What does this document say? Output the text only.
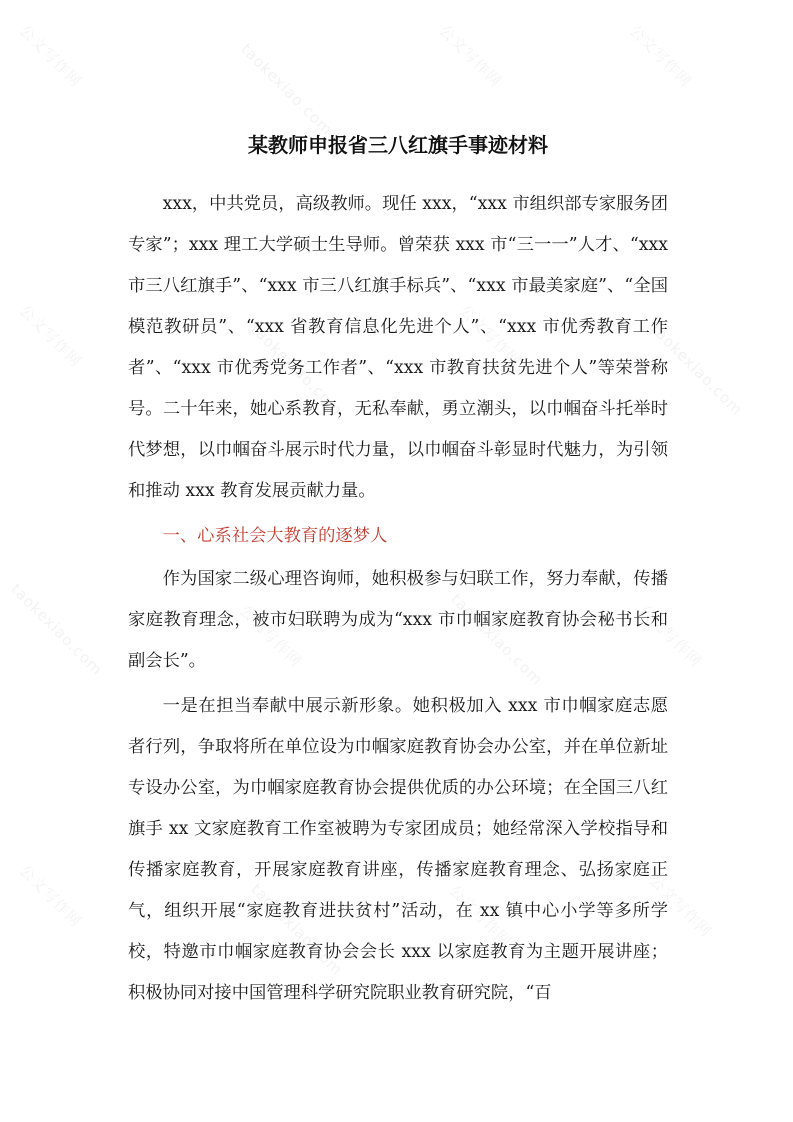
公文写作网	taokexiao.com	公文写作网	公文写作网
公文写作网	taokexiao.com	公文写作网	taokexiao.com
taokexiao.com	公文写作网	taokexiao.com	公文写作网
公文写作网	taokexiao.com	公文写作网	公文写作网
某教师申报省三八红旗手事迹材料

xxx，中共党员，高级教师。现任 xxx，“xxx 市组织部专家服务团专家”；xxx 理工大学硕士生导师。曾荣获 xxx 市“三一一”人才、“xxx 市三八红旗手”、“xxx 市三八红旗手标兵”、“xxx 市最美家庭”、“全国模范教研员”、“xxx 省教育信息化先进个人”、“xxx 市优秀教育工作者”、“xxx 市优秀党务工作者”、“xxx 市教育扶贫先进个人”等荣誉称号。二十年来，她心系教育，无私奉献，勇立潮头，以巾帼奋斗托举时代梦想，以巾帼奋斗展示时代力量，以巾帼奋斗彰显时代魅力，为引领和推动 xxx 教育发展贡献力量。

一、心系社会大教育的逐梦人

作为国家二级心理咨询师，她积极参与妇联工作，努力奉献，传播家庭教育理念，被市妇联聘为成为“xxx 市巾帼家庭教育协会秘书长和副会长”。

一是在担当奉献中展示新形象。她积极加入 xxx 市巾帼家庭志愿者行列，争取将所在单位设为巾帼家庭教育协会办公室，并在单位新址专设办公室，为巾帼家庭教育协会提供优质的办公环境；在全国三八红旗手 xx 文家庭教育工作室被聘为专家团成员；她经常深入学校指导和传播家庭教育，开展家庭教育讲座，传播家庭教育理念、弘扬家庭正气，组织开展“家庭教育进扶贫村”活动，在 xx 镇中心小学等多所学校，特邀市巾帼家庭教育协会会长 xxx 以家庭教育为主题开展讲座；积极协同对接中国管理科学研究院职业教育研究院，“百
